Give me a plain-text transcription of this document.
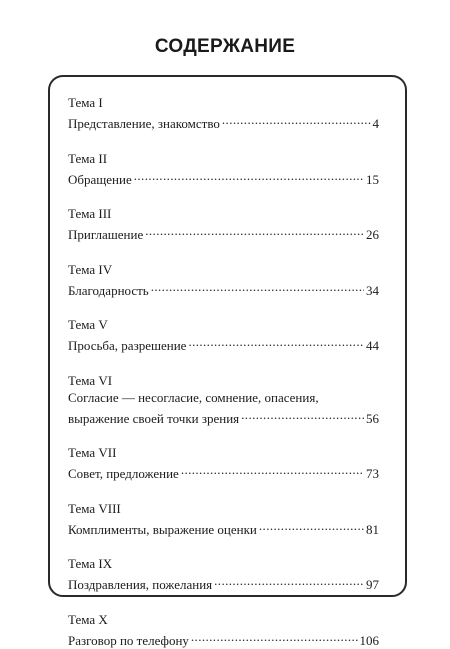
СОДЕРЖАНИЕ
Тема I
Представление, знакомство .....	4
Тема II
Обращение .....	15
Тема III
Приглашение .....	26
Тема IV
Благодарность .....	34
Тема V
Просьба, разрешение .....	44
Тема VI
Согласие — несогласие, сомнение, опасения,
выражение своей точки зрения .....	56
Тема VII
Совет, предложение .....	73
Тема VIII
Комплименты, выражение оценки .....	81
Тема IX
Поздравления, пожелания .....	97
Тема X
Разговор по телефону .....	106
